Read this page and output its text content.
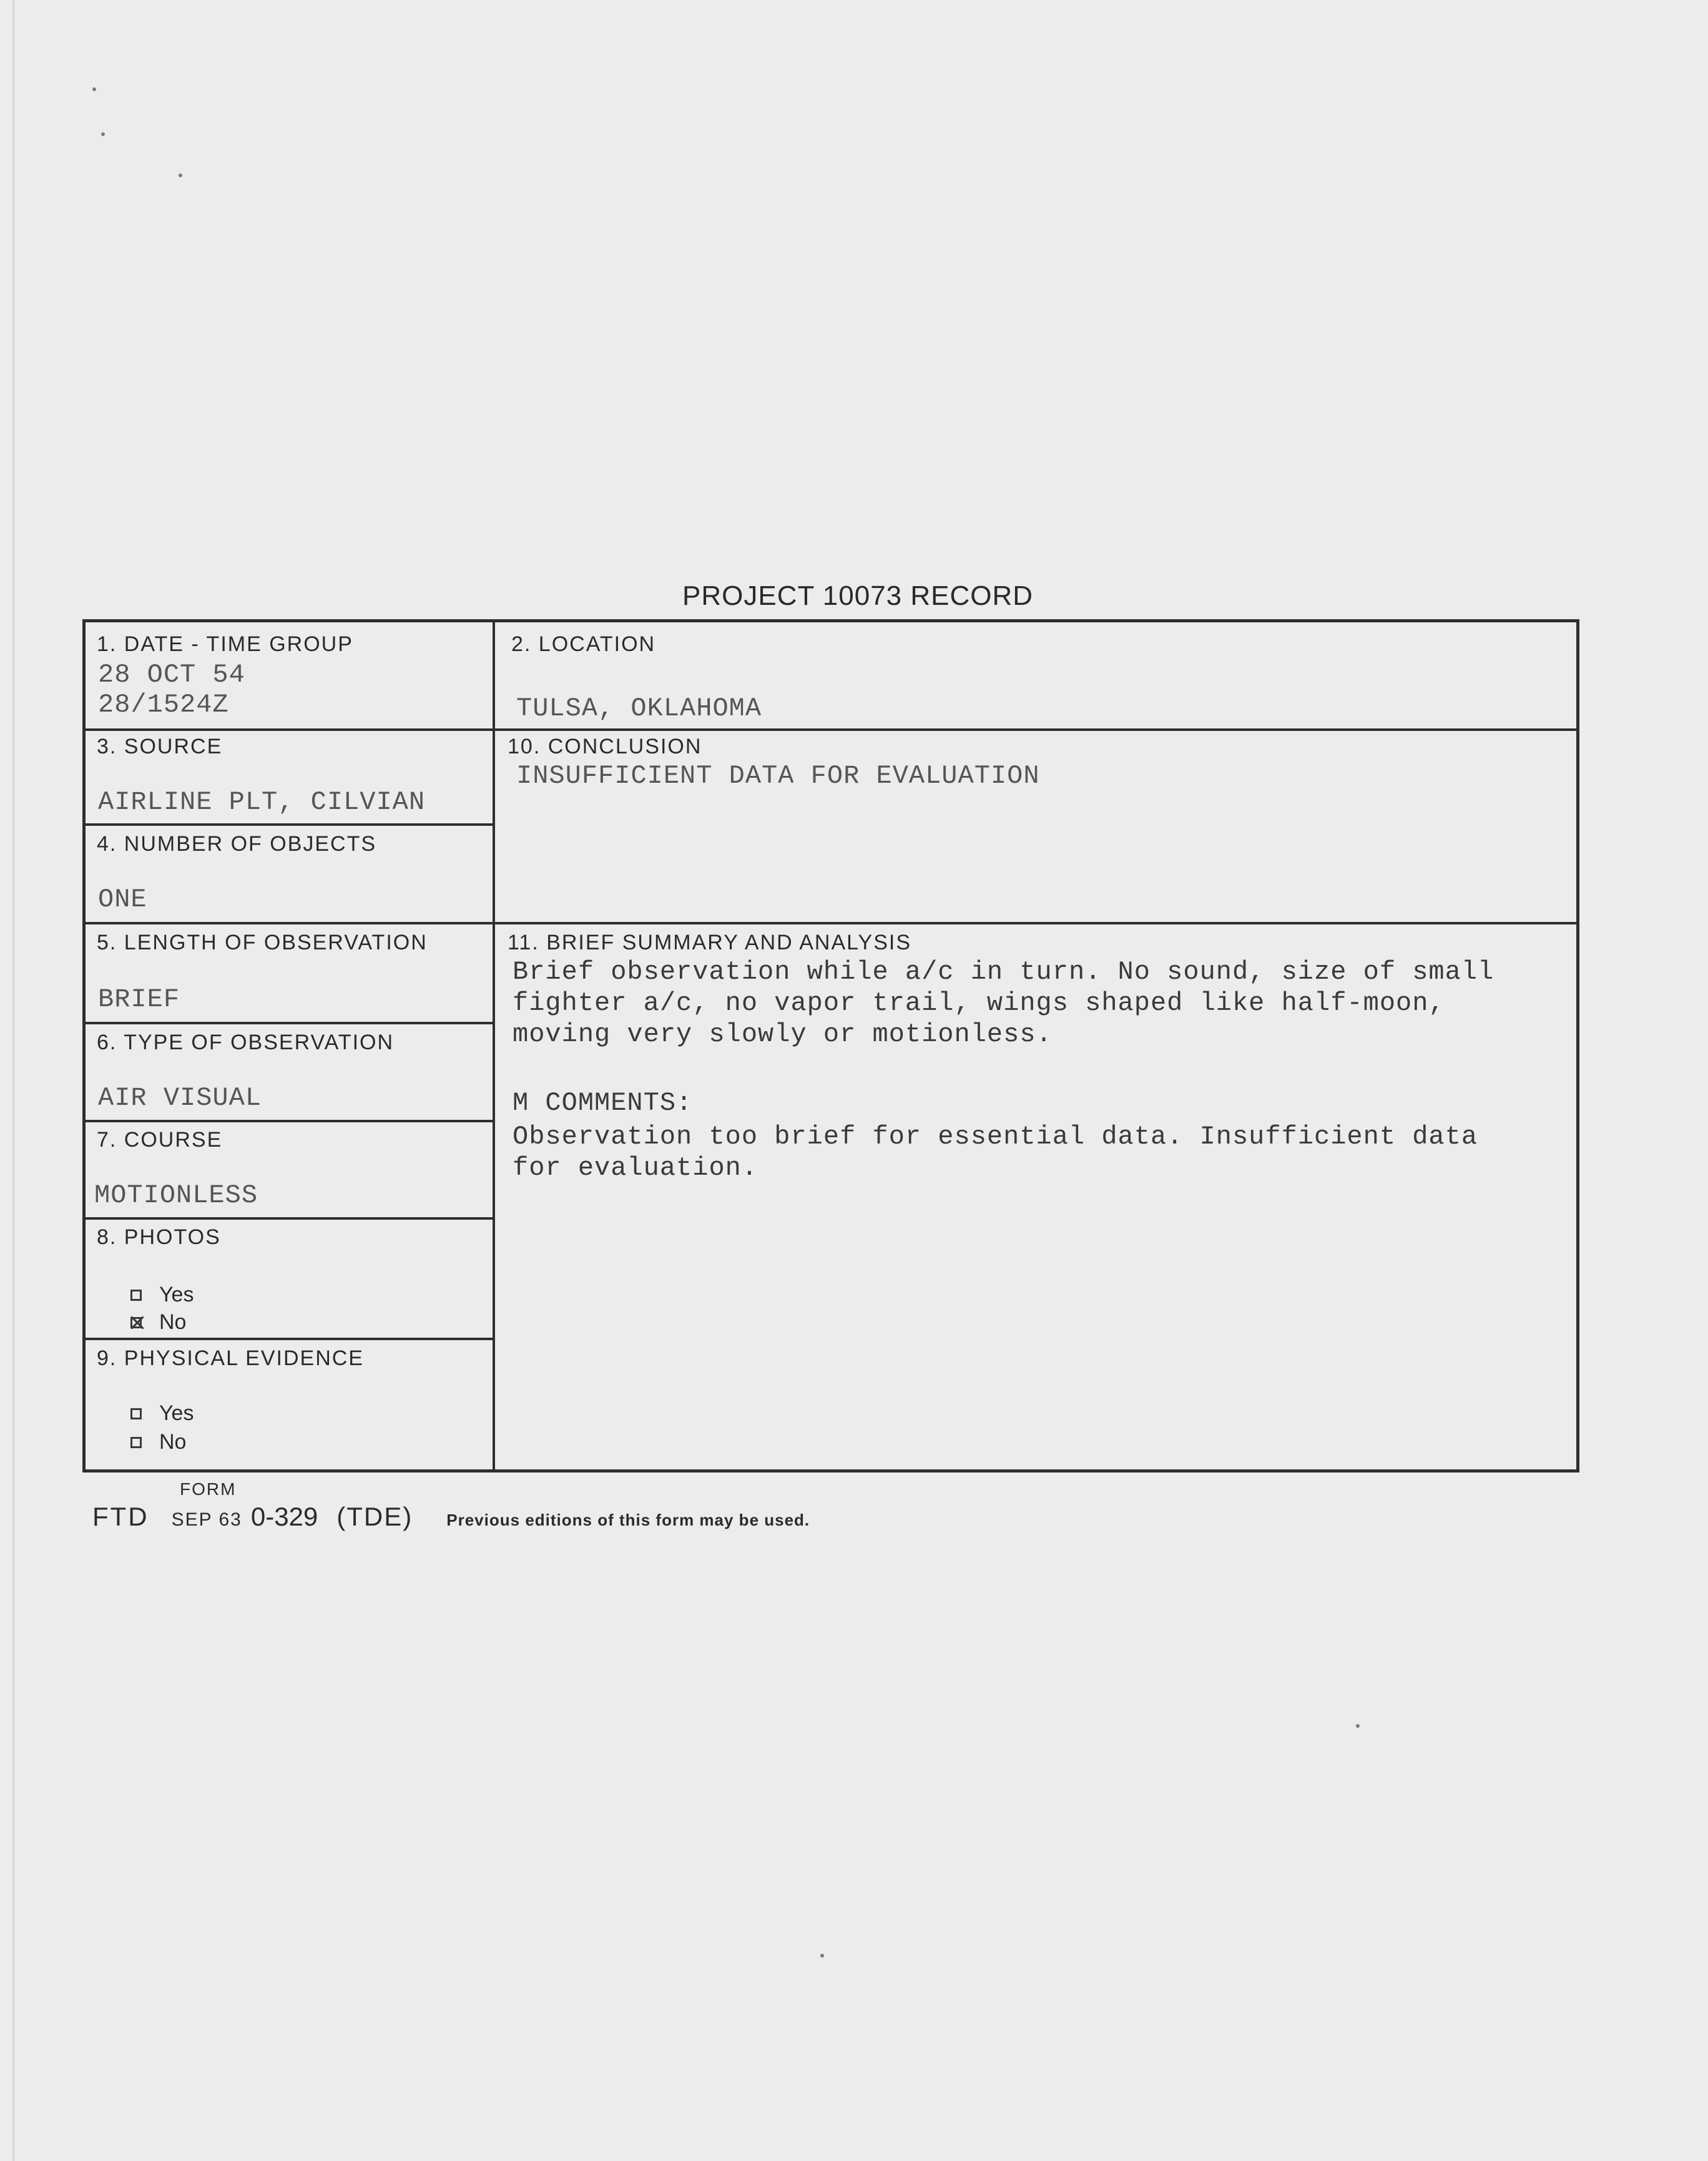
PROJECT 10073 RECORD
1. DATE - TIME GROUP
28 OCT 54
28/1524Z
2. LOCATION
TULSA, OKLAHOMA
3. SOURCE
AIRLINE PLT, CILVIAN
4. NUMBER OF OBJECTS
ONE
5. LENGTH OF OBSERVATION
BRIEF
6. TYPE OF OBSERVATION
AIR VISUAL
7. COURSE
MOTIONLESS
8. PHOTOS
Yes
No
9. PHYSICAL EVIDENCE
Yes
No
10. CONCLUSION
INSUFFICIENT DATA FOR EVALUATION
11. BRIEF SUMMARY AND ANALYSIS
Brief observation while a/c in turn. No sound, size of small
fighter a/c, no vapor trail, wings shaped like half-moon,
moving very slowly or motionless.
M COMMENTS:
Observation too brief for essential data. Insufficient data
for evaluation.
FORM
FTD SEP 63 0-329 (TDE) Previous editions of this form may be used.
